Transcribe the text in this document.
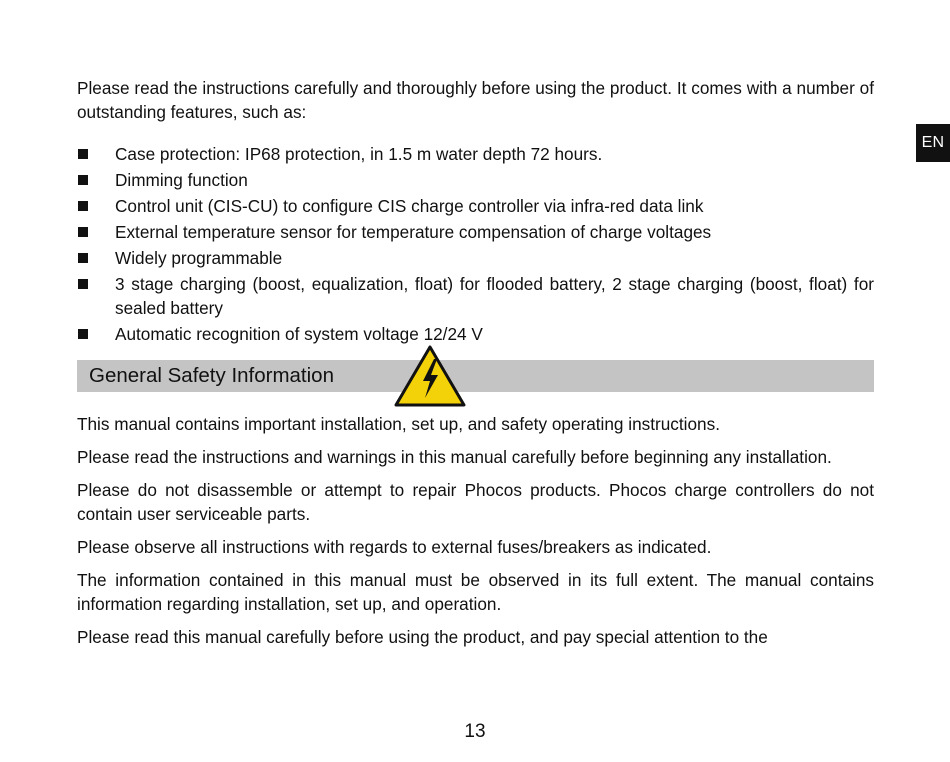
EN

Please read the instructions carefully and thoroughly before using the product. It comes with a number of outstanding features, such as:

Case protection: IP68 protection, in 1.5 m water depth 72 hours.
Dimming function
Control unit (CIS-CU) to configure CIS charge controller via infra-red data link
External temperature sensor for temperature compensation of charge voltages
Widely programmable
3 stage charging (boost, equalization, float) for flooded battery, 2 stage charging (boost, float) for sealed battery
Automatic recognition of system voltage 12/24 V
General Safety Information

This manual contains important installation, set up, and safety operating instructions.

Please read the instructions and warnings in this manual carefully before beginning any installation.

Please do not disassemble or attempt to repair Phocos products. Phocos charge controllers do not contain user serviceable parts.

Please observe all instructions with regards to external fuses/breakers as indicated.

The information contained in this manual must be observed in its full extent. The manual contains information regarding installation, set up, and operation.

Please read this manual carefully before using the product, and pay special attention to the

13
